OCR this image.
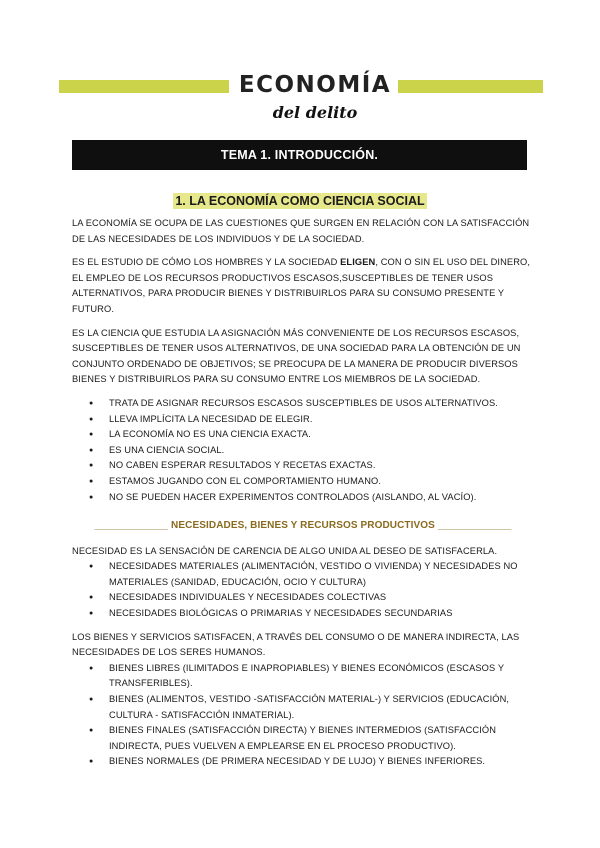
ECONOMÍA
del delito
TEMA 1. INTRODUCCIÓN.
1. LA ECONOMÍA COMO CIENCIA SOCIAL

LA ECONOMÍA SE OCUPA DE LAS CUESTIONES QUE SURGEN EN RELACIÓN CON LA SATISFACCIÓN DE LAS NECESIDADES DE LOS INDIVIDUOS Y DE LA SOCIEDAD.

ES EL ESTUDIO DE CÓMO LOS HOMBRES Y LA SOCIEDAD ELIGEN, CON O SIN EL USO DEL DINERO, EL EMPLEO DE LOS RECURSOS PRODUCTIVOS ESCASOS,SUSCEPTIBLES DE TENER USOS ALTERNATIVOS, PARA PRODUCIR BIENES Y DISTRIBUIRLOS PARA SU CONSUMO PRESENTE Y FUTURO.

ES LA CIENCIA QUE ESTUDIA LA ASIGNACIÓN MÁS CONVENIENTE DE LOS RECURSOS ESCASOS, SUSCEPTIBLES DE TENER USOS ALTERNATIVOS, DE UNA SOCIEDAD PARA LA OBTENCIÓN DE UN CONJUNTO ORDENADO DE OBJETIVOS; SE PREOCUPA DE LA MANERA DE PRODUCIR DIVERSOS BIENES Y DISTRIBUIRLOS PARA SU CONSUMO ENTRE LOS MIEMBROS DE LA SOCIEDAD.

● TRATA DE ASIGNAR RECURSOS ESCASOS SUSCEPTIBLES DE USOS ALTERNATIVOS.
● LLEVA IMPLÍCITA LA NECESIDAD DE ELEGIR.
● LA ECONOMÍA NO ES UNA CIENCIA EXACTA.
● ES UNA CIENCIA SOCIAL.
● NO CABEN ESPERAR RESULTADOS Y RECETAS EXACTAS.
● ESTAMOS JUGANDO CON EL COMPORTAMIENTO HUMANO.
● NO SE PUEDEN HACER EXPERIMENTOS CONTROLADOS (AISLANDO, AL VACÍO).
_____________ NECESIDADES, BIENES Y RECURSOS PRODUCTIVOS _____________

NECESIDAD ES LA SENSACIÓN DE CARENCIA DE ALGO UNIDA AL DESEO DE SATISFACERLA.

● NECESIDADES MATERIALES (ALIMENTACIÓN, VESTIDO O VIVIENDA) Y NECESIDADES NO MATERIALES (SANIDAD, EDUCACIÓN, OCIO Y CULTURA)
● NECESIDADES INDIVIDUALES Y NECESIDADES COLECTIVAS
● NECESIDADES BIOLÓGICAS O PRIMARIAS Y NECESIDADES SECUNDARIAS

LOS BIENES Y SERVICIOS SATISFACEN, A TRAVÉS DEL CONSUMO O DE MANERA INDIRECTA, LAS NECESIDADES DE LOS SERES HUMANOS.

● BIENES LIBRES (ILIMITADOS E INAPROPIABLES) Y BIENES ECONÓMICOS (ESCASOS Y TRANSFERIBLES).
● BIENES (ALIMENTOS, VESTIDO -SATISFACCIÓN MATERIAL-) Y SERVICIOS (EDUCACIÓN, CULTURA - SATISFACCIÓN INMATERIAL).
● BIENES FINALES (SATISFACCIÓN DIRECTA) Y BIENES INTERMEDIOS (SATISFACCIÓN INDIRECTA, PUES VUELVEN A EMPLEARSE EN EL PROCESO PRODUCTIVO).
● BIENES NORMALES (DE PRIMERA NECESIDAD Y DE LUJO) Y BIENES INFERIORES.
